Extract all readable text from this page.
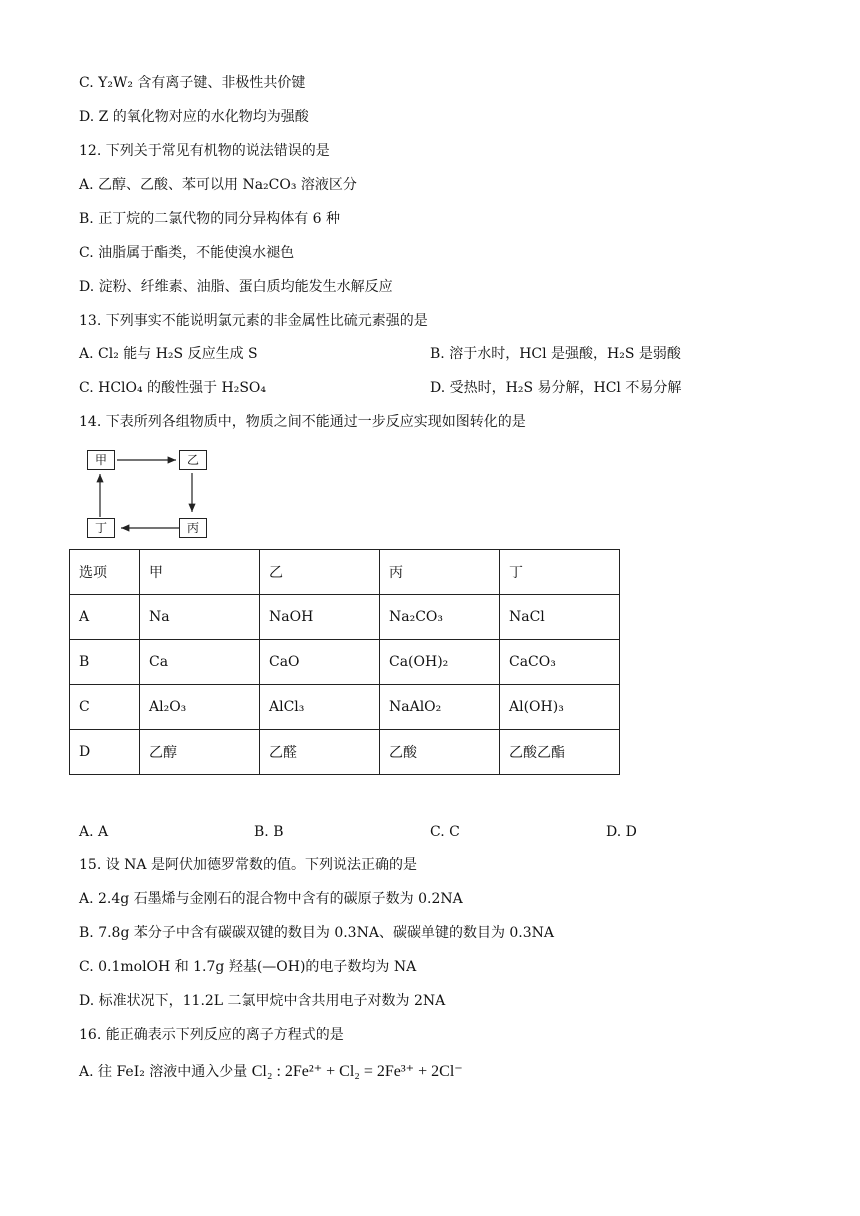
C. Y₂W₂ 含有离子键、非极性共价键
D. Z 的氧化物对应的水化物均为强酸
12. 下列关于常见有机物的说法错误的是
A. 乙醇、乙酸、苯可以用 Na₂CO₃ 溶液区分
B. 正丁烷的二氯代物的同分异构体有 6 种
C. 油脂属于酯类，不能使溴水褪色
D. 淀粉、纤维素、油脂、蛋白质均能发生水解反应
13. 下列事实不能说明氯元素的非金属性比硫元素强的是
A. Cl₂ 能与 H₂S 反应生成 S	B. 溶于水时，HCl 是强酸，H₂S 是弱酸
C. HClO₄ 的酸性强于 H₂SO₄	D. 受热时，H₂S 易分解，HCl 不易分解
14. 下表所列各组物质中，物质之间不能通过一步反应实现如图转化的是
甲	乙
丙
丁
选项	甲	乙	丙	丁
A	Na	NaOH	Na₂CO₃	NaCl
B	Ca	CaO	Ca(OH)₂	CaCO₃
C	Al₂O₃	AlCl₃	NaAlO₂	Al(OH)₃
D	乙醇	乙醛	乙酸	乙酸乙酯
A. A	B. B	C. C	D. D
15. 设 NA 是阿伏加德罗常数的值。下列说法正确的是
A. 2.4g 石墨烯与金刚石的混合物中含有的碳原子数为 0.2NA
B. 7.8g 苯分子中含有碳碳双键的数目为 0.3NA、碳碳单键的数目为 0.3NA
C. 0.1molOH 和 1.7g 羟基(—OH)的电子数均为 NA
D. 标准状况下，11.2L 二氯甲烷中含共用电子对数为 2NA
16. 能正确表示下列反应的离子方程式的是
A. 往 FeI₂ 溶液中通入少量 Cl₂ : 2Fe²⁺ + Cl₂ = 2Fe³⁺ + 2Cl⁻
